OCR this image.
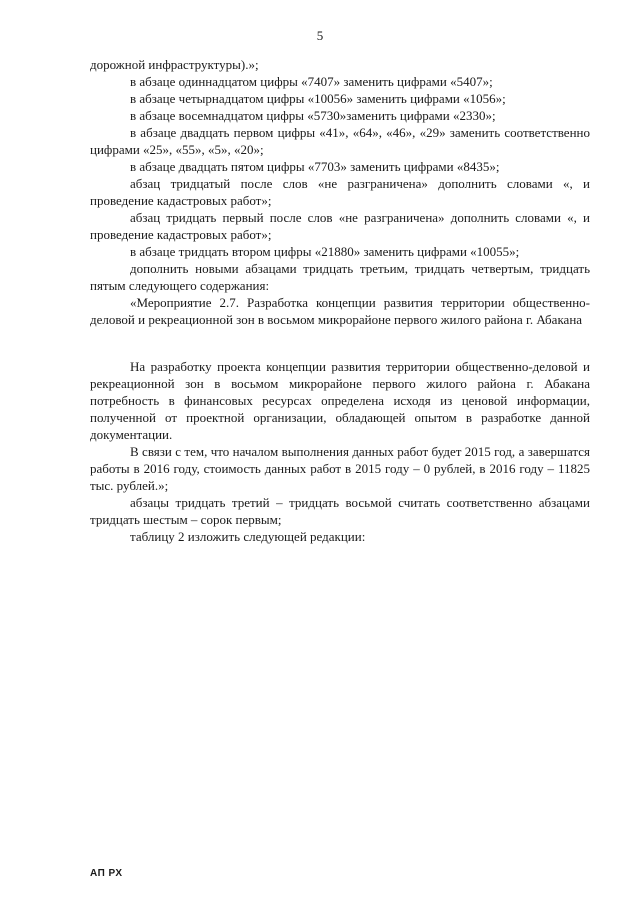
5

дорожной инфраструктуры).»;

в абзаце одиннадцатом цифры «7407» заменить цифрами «5407»;

в абзаце четырнадцатом цифры «10056» заменить цифрами «1056»;

в абзаце восемнадцатом цифры «5730»заменить цифрами «2330»;

в абзаце двадцать первом цифры «41», «64», «46», «29» заменить соответственно цифрами «25», «55», «5», «20»;

в абзаце двадцать пятом цифры «7703» заменить цифрами «8435»;

абзац тридцатый после слов «не разграничена» дополнить словами «, и проведение кадастровых работ»;

абзац тридцать первый после слов «не разграничена» дополнить словами «, и проведение кадастровых работ»;

в абзаце тридцать втором цифры «21880» заменить цифрами «10055»;

дополнить новыми абзацами тридцать третьим, тридцать четвертым, тридцать пятым следующего содержания:

«Мероприятие 2.7. Разработка концепции развития территории общественно-деловой и рекреационной зон в восьмом микрорайоне первого жилого района г. Абакана

На разработку проекта концепции развития территории общественно-деловой и рекреационной зон в восьмом микрорайоне первого жилого района г. Абакана потребность в финансовых ресурсах определена исходя из ценовой информации, полученной от проектной организации, обладающей опытом в разработке данной документации.

В связи с тем, что началом выполнения данных работ будет 2015 год, а завершатся работы в 2016 году, стоимость данных работ в 2015 году – 0 рублей, в 2016 году – 11825 тыс. рублей.»;

абзацы тридцать третий – тридцать восьмой считать соответственно абзацами тридцать шестым – сорок первым;

таблицу 2 изложить следующей редакции:

АП РХ
